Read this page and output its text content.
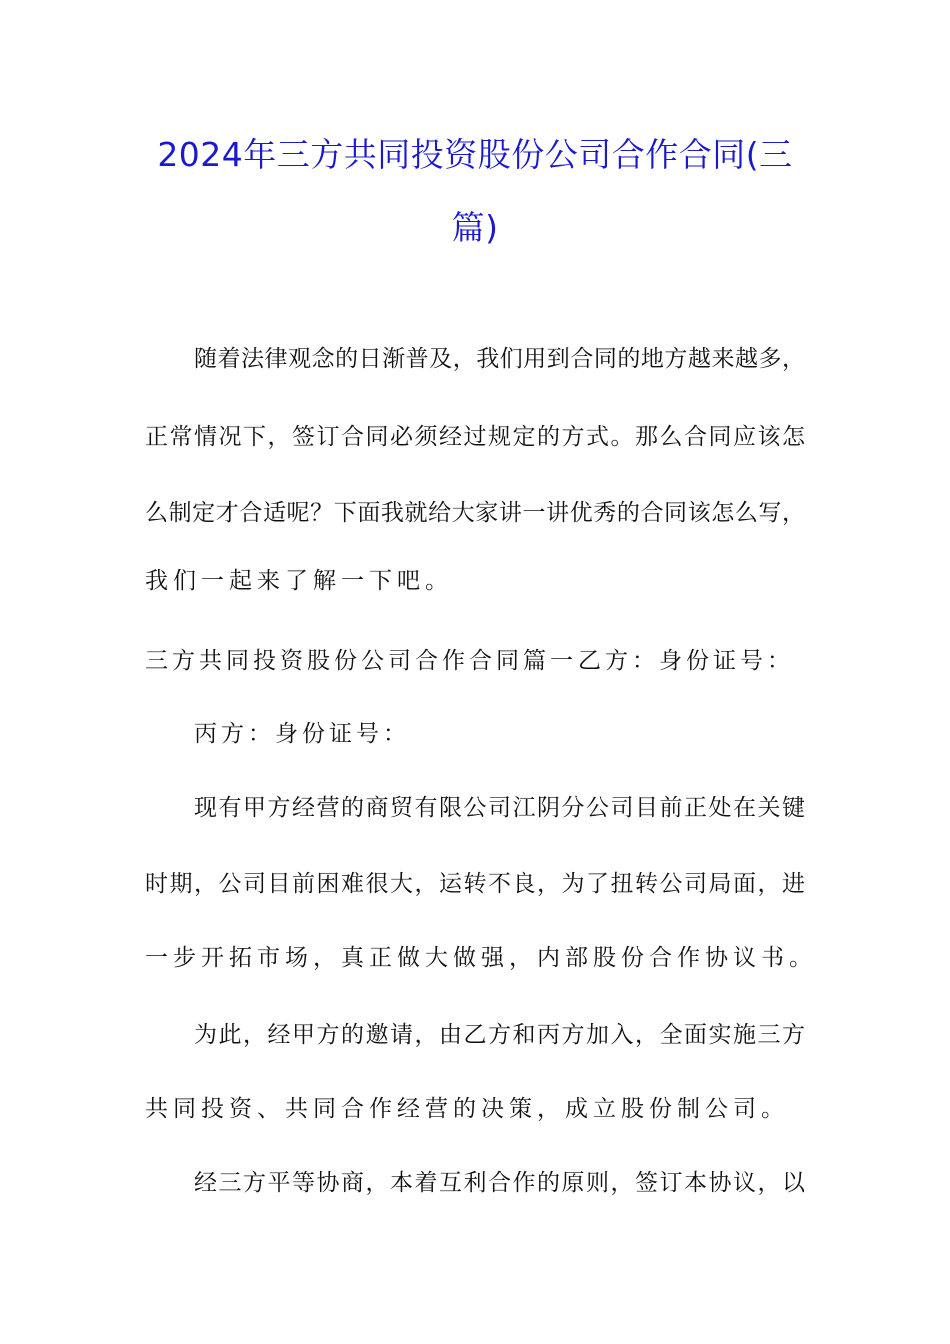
2024年三方共同投资股份公司合作合同(三
篇)
随着法律观念的日渐普及，我们用到合同的地方越来越多，
正常情况下，签订合同必须经过规定的方式。那么合同应该怎
么制定才合适呢？下面我就给大家讲一讲优秀的合同该怎么写，
我们一起来了解一下吧。
三方共同投资股份公司合作合同篇一 乙方：身份证号：
丙方：身份证号：
现有甲方经营的商贸有限公司江阴分公司目前正处在关键
时期，公司目前困难很大，运转不良，为了扭转公司局面，进
一步开拓市场，真正做大做强，内部股份合作协议书。
为此，经甲方的邀请，由乙方和丙方加入，全面实施三方
共同投资、共同合作经营的决策，成立股份制公司。
经三方平等协商，本着互利合作的原则，签订本协议，以
